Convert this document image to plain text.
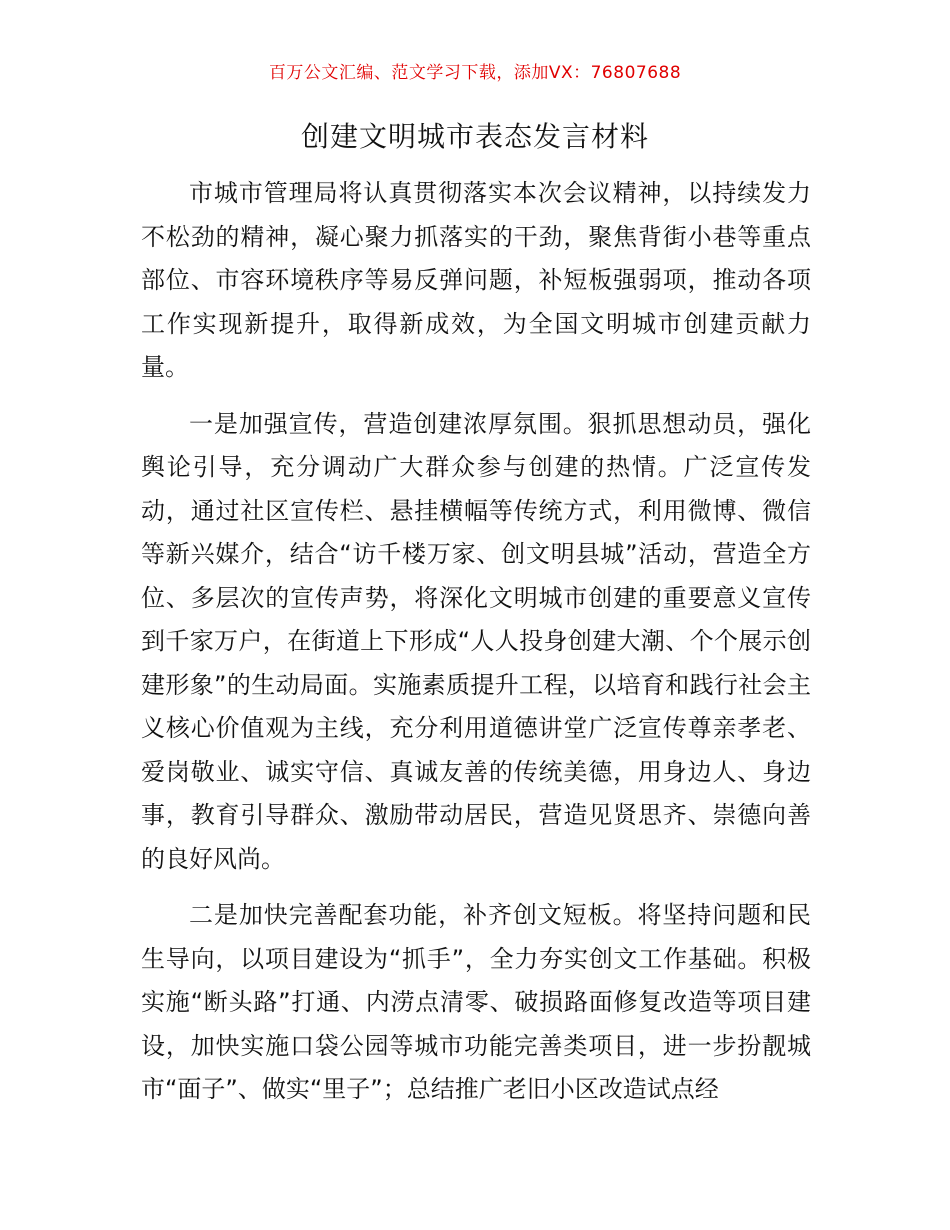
百万公文汇编、范文学习下载，添加VX：76807688
创建文明城市表态发言材料

市城市管理局将认真贯彻落实本次会议精神，以持续发力不松劲的精神，凝心聚力抓落实的干劲，聚焦背街小巷等重点部位、市容环境秩序等易反弹问题，补短板强弱项，推动各项工作实现新提升，取得新成效，为全国文明城市创建贡献力量。

一是加强宣传，营造创建浓厚氛围。狠抓思想动员，强化舆论引导，充分调动广大群众参与创建的热情。广泛宣传发动，通过社区宣传栏、悬挂横幅等传统方式，利用微博、微信等新兴媒介，结合“访千楼万家、创文明县城”活动，营造全方位、多层次的宣传声势，将深化文明城市创建的重要意义宣传到千家万户，在街道上下形成“人人投身创建大潮、个个展示创建形象”的生动局面。实施素质提升工程，以培育和践行社会主义核心价值观为主线，充分利用道德讲堂广泛宣传尊亲孝老、爱岗敬业、诚实守信、真诚友善的传统美德，用身边人、身边事，教育引导群众、激励带动居民，营造见贤思齐、崇德向善的良好风尚。

二是加快完善配套功能，补齐创文短板。将坚持问题和民生导向，以项目建设为“抓手”，全力夯实创文工作基础。积极实施“断头路”打通、内涝点清零、破损路面修复改造等项目建设，加快实施口袋公园等城市功能完善类项目，进一步扮靓城市“面子”、做实“里子”；总结推广老旧小区改造试点经
